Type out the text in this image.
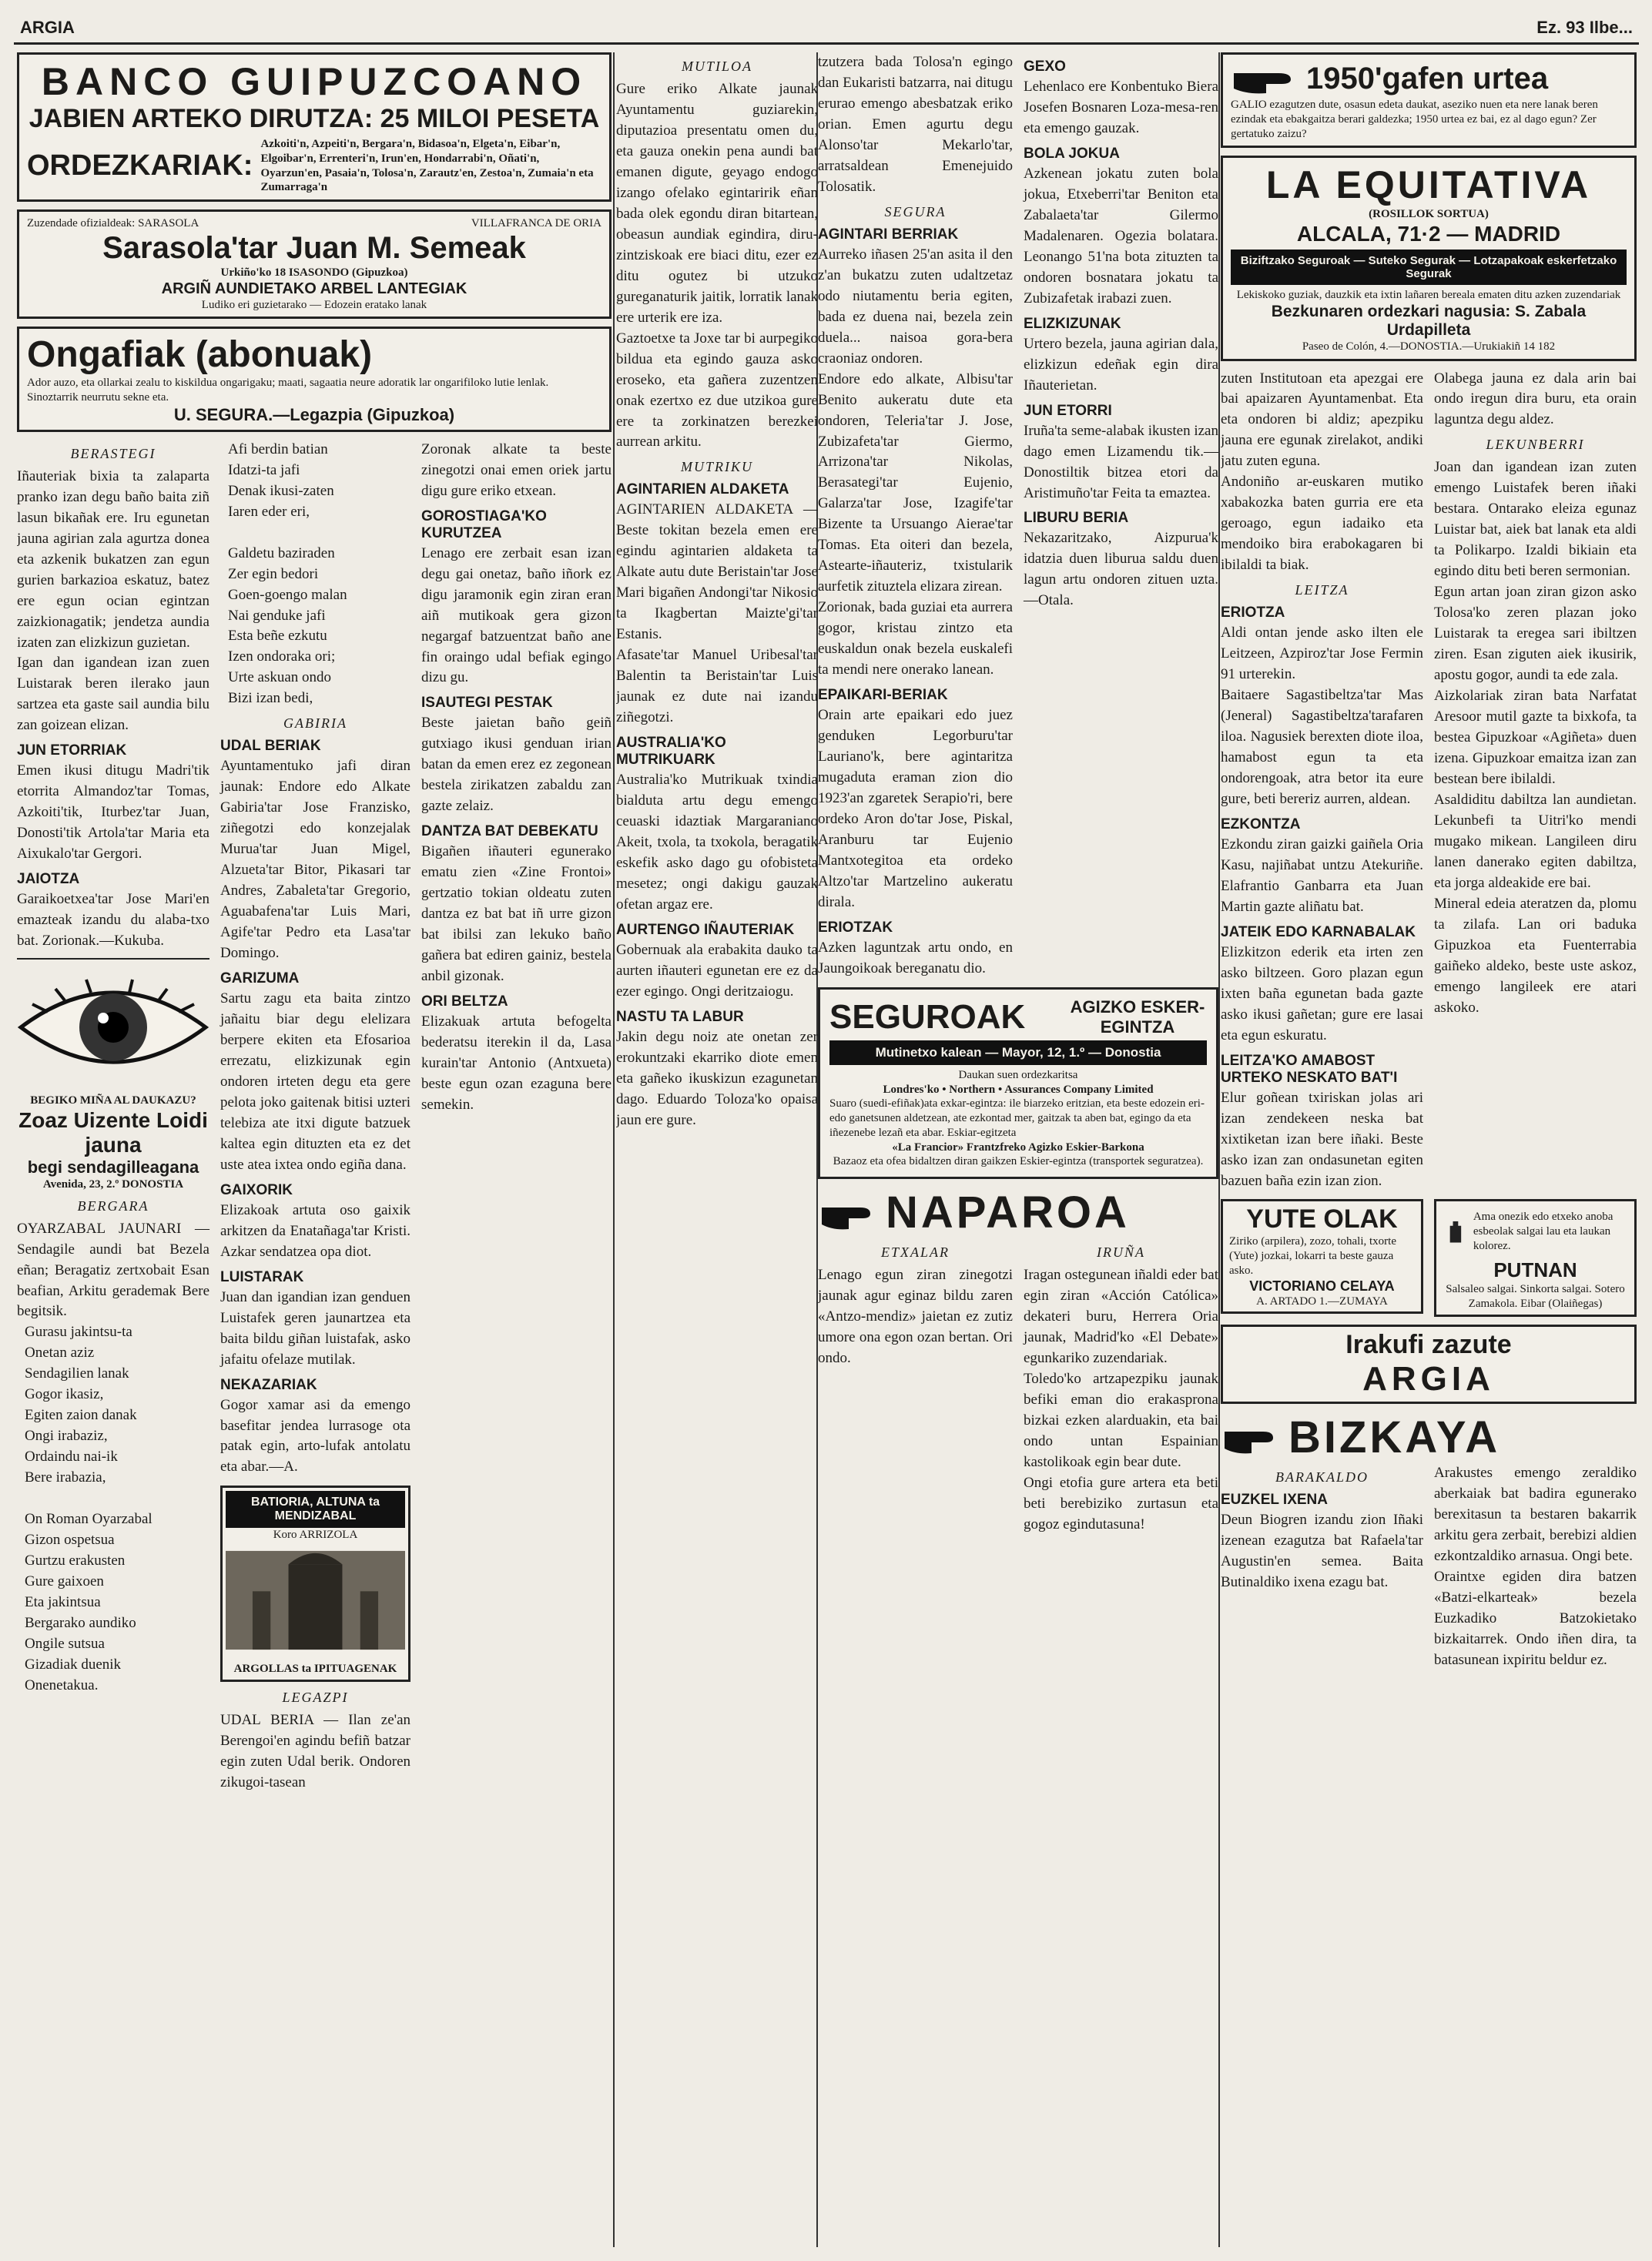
ARGIA	Ez. 93 Ilbe...
BANCO GUIPUZCOANO
JABIEN ARTEKO DIRUTZA: 25 MILOI PESETA
ORDEZKARIAK:
Azkoiti'n, Azpeiti'n, Bergara'n, Bidasoa'n, Elgeta'n, Eibar'n, Elgoibar'n, Errenteri'n, Irun'en, Hondarrabi'n, Oñati'n, Oyarzun'en, Pasaia'n, Tolosa'n, Zarautz'en, Zestoa'n, Zumaia'n eta Zumarraga'n
Zuzendade ofizialdeak: SARASOLA	VILLAFRANCA DE ORIA
Sarasola'tar Juan M. Semeak
Urkiño'ko 18 ISASONDO (Gipuzkoa)
ARGIÑ AUNDIETAKO ARBEL LANTEGIAK
Ludiko eri guzietarako — Edozein eratako lanak
Ongafiak (abonuak)
Ador auzo, eta ollarkai zealu to kiskildua ongarigaku; maati, sagaatia neure adoratik lar ongarifiloko lutie lenlak. Sinoztarrik neurrutu sekne eta.
U. SEGURA.—Legazpia (Gipuzkoa)
BERASTEGI
Iñauteriak bixia ta zalaparta pranko izan degu baño baita ziñ lasun bikañak ere. Iru egunetan jauna agirian zala agurtza donea eta azkenik bukatzen zan egun gurien barkazioa eskatuz, batez ere egun ocian egintzan zaizkionagatik; jendetza aundia izaten zan elizkizun guzietan.
Igan dan igandean izan zuen Luistarak beren ilerako jaun sartzea eta gaste sail aundia bilu zan goizean elizan.
JUN ETORRIAK
Emen ikusi ditugu Madri'tik etorrita Almandoz'tar Tomas, Azkoiti'tik, Iturbez'tar Juan, Donosti'tik Artola'tar Maria eta Aixukalo'tar Gergori.
JAIOTZA
Garaikoetxea'tar Jose Mari'en emazteak izandu du alaba-txo bat. Zorionak.—Kukuba.
BEGIKO MIÑA AL DAUKAZU?
Zoaz Uizente Loidi jauna
begi sendagilleagana
Avenida, 23, 2.º DONOSTIA
BERGARA
OYARZABAL JAUNARI — Sendagile aundi bat Bezela eñan; Beragatiz zertxobait Esan beafian, Arkitu gerademak Bere begitsik.
Gurasu jakintsu-ta
Onetan aziz
Sendagilien lanak
Gogor ikasiz,
Egiten zaion danak
Ongi irabaziz,
Ordaindu nai-ik
Bere irabazia,

On Roman Oyarzabal
Gizon ospetsua
Gurtzu erakusten
Gure gaixoen
Eta jakintsua
Bergarako aundiko
Ongile sutsua
Gizadiak duenik
Onenetakua.
Afi berdin batian
Idatzi-ta jafi
Denak ikusi-zaten
Iaren eder eri,

Galdetu baziraden
Zer egin bedori
Goen-goengo malan
Nai genduke jafi
Esta beñe ezkutu
Izen ondoraka ori;
Urte askuan ondo
Bizi izan bedi,
GABIRIA
UDAL BERIAK
Ayuntamentuko jafi diran jaunak: Endore edo Alkate Gabiria'tar Jose Franzisko, ziñegotzi edo konzejalak Murua'tar Juan Migel, Alzueta'tar Bitor, Pikasari tar Andres, Zabaleta'tar Gregorio, Aguabafena'tar Luis Mari, Agife'tar Pedro eta Lasa'tar Domingo.
GARIZUMA
Sartu zagu eta baita zintzo jañaitu biar degu elelizara berpere ekiten eta Efosarioa errezatu, elizkizunak egin ondoren irteten degu eta gere pelota joko gaitenak bitisi uzteri telebiza ate itxi digute batzuek kaltea egin dituzten eta ez det uste atea ixtea ondo egiña dana.
GAIXORIK
Elizakoak artuta oso gaixik arkitzen da Enatañaga'tar Kristi. Azkar sendatzea opa diot.
LUISTARAK
Juan dan igandian izan genduen Luistafek geren jaunartzea eta baita bildu giñan luistafak, asko jafaitu ofelaze mutilak.
NEKAZARIAK
Gogor xamar asi da emengo basefitar jendea lurrasoge ota patak egin, arto-lufak antolatu eta abar.—A.
BATIORIA, ALTUNA ta MENDIZABAL
Koro ARRIZOLA
ARGOLLAS ta IPITUAGENAK
LEGAZPI
UDAL BERIA — Ilan ze'an Berengoi'en agindu befiñ batzar egin zuten Udal berik. Ondoren zikugoi-tasean
Zoronak alkate ta beste zinegotzi onai emen oriek jartu digu gure eriko etxean.
GOROSTIAGA'KO KURUTZEA
Lenago ere zerbait esan izan degu gai onetaz, baño iñork ez digu jaramonik egin ziran eran aiñ mutikoak gera gizon negargaf batzuentzat baño ane fin oraingo udal befiak egingo dizu gu.
ISAUTEGI PESTAK
Beste jaietan baño geiñ gutxiago ikusi genduan irian batan da emen erez ez zegonean bestela zirikatzen zabaldu zan gazte zelaiz.
DANTZA BAT DEBEKATU
Bigañen iñauteri egunerako ematu zien «Zine Frontoi» gertzatio tokian oldeatu zuten dantza ez bat bat iñ urre gizon bat ibilsi zan lekuko baño gañera bat ediren gainiz, bestela anbil gizonak.
ORI BELTZA
Elizakuak artuta befogelta bederatsu iterekin il da, Lasa kurain'tar Antonio (Antxueta) beste egun ozan ezaguna bere semekin.
MUTILOA
Gure eriko Alkate jaunak Ayuntamentu guziarekin, diputazioa presentatu omen du, eta gauza onekin pena aundi bat emanen digute, geyago endogo izango ofelako egintaririk eñan bada olek egondu diran bitartean, obeasun aundiak egindira, diru-zintziskoak ere biaci ditu, ezer ez ditu ogutez bi utzuko gureganaturik jaitik, lorratik lanak ere urterik ere iza.
Gaztoetxe ta Joxe tar bi aurpegiko bildua eta egindo gauza asko eroseko, eta gañera zuzentzen onak ezertxo ez due utzikoa gure ere ta zorkinatzen berezkei aurrean arkitu.
MUTRIKU
AGINTARIEN ALDAKETA
AGINTARIEN ALDAKETA — Beste tokitan bezela emen ere egindu agintarien aldaketa ta Alkate autu dute Beristain'tar Jose Mari bigañen Andongi'tar Nikosio ta Ikagbertan Maizte'gi'tar Estanis.
Afasate'tar Manuel Uribesal'tar Balentin ta Beristain'tar Luis jaunak ez dute nai izandu ziñegotzi.
AUSTRALIA'KO MUTRIKUARK
Australia'ko Mutrikuak txindia bialduta artu degu emengo ceuaski idaztiak Margaraniano Akeit, txola, ta txokola, beragatik eskefik asko dago gu ofobisteta mesetez; ongi dakigu gauzak ofetan argaz ere.
AURTENGO IÑAUTERIAK
Gobernuak ala erabakita dauko ta aurten iñauteri egunetan ere ez da ezer egingo. Ongi deritzaiogu.
NASTU TA LABUR
Jakin degu noiz ate onetan zer erokuntzaki ekarriko diote emen eta gañeko ikuskizun ezagunetan dago. Eduardo Toloza'ko opaisa jaun ere gure.
tzutzera bada Tolosa'n egingo dan Eukaristi batzarra, nai ditugu erurao emengo abesbatzak eriko orian. Emen agurtu degu Alonso'tar Mekarlo'tar, arratsaldean Emenejuido Tolosatik.
SEGURA
AGINTARI BERRIAK
Aurreko iñasen 25'an asita il den z'an bukatzu zuten udaltzetaz odo niutamentu beria egiten, bada ez duena nai, bezela zein duela... naisoa gora-bera craoniaz ondoren.
Endore edo alkate, Albisu'tar Benito aukeratu dute eta ondoren, Teleria'tar J. Jose, Zubizafeta'tar Giermo, Arrizona'tar Nikolas, Berasategi'tar Eujenio, Galarza'tar Jose, Izagife'tar Bizente ta Ursuango Aierae'tar Tomas. Eta oiteri dan bezela, Astearte-iñauteriz, txistularik aurfetik zituztela elizara zirean.
Zorionak, bada guziai eta aurrera gogor, kristau zintzo eta euskaldun onak bezela euskalefi ta mendi nere onerako lanean.
EPAIKARI-BERIAK
Orain arte epaikari edo juez genduken Legorburu'tar Lauriano'k, bere agintaritza mugaduta eraman zion dio 1923'an zgaretek Serapio'ri, bere ordeko Aron do'tar Jose, Piskal, Aranburu tar Eujenio Mantxotegitoa eta ordeko Altzo'tar Martzelino aukeratu dirala.
ERIOTZAK
Azken laguntzak artu ondo, en Jaungoikoak bereganatu dio.
GEXO
Lehenlaco ere Konbentuko Biera Josefen Bosnaren Loza-mesa-ren eta emengo gauzak.
BOLA JOKUA
Azkenean jokatu zuten bola jokua, Etxeberri'tar Beniton eta Zabalaeta'tar Gilermo Madalenaren. Ogezia bolatara. Leonango 51'na bota zituzten ta ondoren bosnatara jokatu ta Zubizafetak irabazi zuen.
ELIZKIZUNAK
Urtero bezela, jauna agirian dala, elizkizun edeñak egin dira Iñauterietan.
JUN ETORRI
Iruña'ta seme-alabak ikusten izan dago emen Lizamendu tik.—Donostiltik bitzea etori da Aristimuño'tar Feita ta emaztea.
LIBURU BERIA
Nekazaritzako, Aizpurua'k idatzia duen liburua saldu duen lagun artu ondoren zituen uzta.—Otala.
SEGUROAK	AGIZKO ESKER-EGINTZA
Mutinetxo kalean — Mayor, 12, 1.º — Donostia
Daukan suen ordezkaritsa
Londres'ko • Northern • Assurances Company Limited
Suaro (suedi-efiñak)ata exkar-egintza: ile biarzeko eritzian, eta beste edozein eri-edo ganetsunen aldetzean, ate ezkontad mer, gaitzak ta aben bat, egingo da eta iñezenebe lezañ eta abar. Eskiar-egitzeta
«La Francior» Frantzfreko Agizko Eskier-Barkona
Bazaoz eta ofea bidaltzen diran gaikzen Eskier-egintza (transportek seguratzea).
NAPAROA
ETXALAR
Lenago egun ziran zinegotzi jaunak agur eginaz bildu zaren «Antzo-mendiz» jaietan ez zutiz umore ona egon ozan bertan. Ori ondo.
IRUÑA
Iragan ostegunean iñaldi eder bat egin ziran «Acción Católica» dekateri buru, Herrera Oria jaunak, Madrid'ko «El Debate» egunkariko zuzendariak.
Toledo'ko artzapezpiku jaunak befiki eman dio erakasprona bizkai ezken alarduakin, eta bai ondo untan Espainian kastolikoak egin bear dute.
Ongi etofia gure artera eta beti beti berebiziko zurtasun eta gogoz egindutasuna!
1950'gafen urtea
GALIO ezagutzen dute, osasun edeta daukat, aseziko nuen eta nere lanak beren ezindak eta ebakgaitza berari galdezka; 1950 urtea ez bai, ez al dago egun? Zer gertatuko zaizu?
LA EQUITATIVA
(ROSILLOK SORTUA)
ALCALA, 71·2 — MADRID
Biziftzako Seguroak — Suteko Segurak — Lotzapakoak eskerfetzako Segurak
Lekiskoko guziak, dauzkik eta ixtin lañaren bereala ematen ditu azken zuzendariak
Bezkunaren ordezkari nagusia: S. Zabala Urdapilleta
Paseo de Colón, 4.—DONOSTIA.—Urukiakiñ 14 182
zuten Institutoan eta apezgai ere bai apaizaren Ayuntamenbat. Eta eta ondoren bi aldiz; apezpiku jauna ere egunak zirelakot, andiki jatu zuten eguna.
Andoniño ar-euskaren mutiko xabakozka baten gurria ere eta geroago, egun iadaiko eta mendoiko bira erabokagaren bi ibilaldi ta biak.
LEITZA
ERIOTZA
Aldi ontan jende asko ilten ele Leitzeen, Azpiroz'tar Jose Fermin 91 urterekin.
Baitaere Sagastibeltza'tar Mas (Jeneral) Sagastibeltza'tarafaren iloa. Nagusiek berexten diote iloa, hamabost egun ta eta ondorengoak, atra betor ita eure gure, beti bereriz aurren, aldean.
EZKONTZA
Ezkondu ziran gaizki gaiñela Oria Kasu, najiñabat untzu Atekuriñe. Elafrantio Ganbarra eta Juan Martin gazte aliñatu bat.
JATEIK EDO KARNABALAK
Elizkitzon ederik eta irten zen asko biltzeen. Goro plazan egun ixten baña egunetan bada gazte asko ikusi gañetan; gure ere lasai eta egun eskuratu.
LEITZA'KO AMABOST URTEKO NESKATO BAT'I
Elur goñean txiriskan jolas ari izan zendekeen neska bat xixtiketan izan bere iñaki. Beste asko izan zan ondasunetan egiten bazuen baña ezin izan zion.
Olabega jauna ez dala arin bai ondo iregun dira buru, eta orain laguntza degu aldez.
LEKUNBERRI
Joan dan igandean izan zuten emengo Luistafek beren iñaki bestara. Ontarako eleiza egunaz Luistar bat, aiek bat lanak eta aldi ta Polikarpo. Izaldi bikiain eta egindo ditu beti beren sermonian.
Egun artan joan ziran gizon asko Tolosa'ko zeren plazan joko Luistarak ta eregea sari ibiltzen ziren. Esan ziguten aiek ikusirik, apostu gogor, aundi ta ede zala.
Aizkolariak ziran bata Narfatat Aresoor mutil gazte ta bixkofa, ta bestea Gipuzkoar «Agiñeta» duen izena. Gipuzkoar emaitza izan zan bestean bere ibilaldi.
Asaldiditu dabiltza lan aundietan. Lekunbefi ta Uitri'ko mendi mugako mikean. Langileen diru lanen danerako egiten dabiltza, eta jorga aldeakide ere bai.
Mineral edeia ateratzen da, plomu ta zilafa. Lan ori baduka Gipuzkoa eta Fuenterrabia gaiñeko aldeko, beste uste askoz, emengo langileek ere atari askoko.
YUTE OLAK
Ziriko (arpilera), zozo, tohali, txorte (Yute) jozkai, lokarri ta beste gauza asko.
VICTORIANO CELAYA
A. ARTADO 1.—ZUMAYA
Ama onezik edo etxeko anoba esbeolak salgai lau eta laukan kolorez.
PUTNAN
Salsaleo salgai. Sinkorta salgai. Sotero Zamakola. Eibar (Olaiñegas)
Irakufi zazute
ARGIA
BIZKAYA
BARAKALDO
EUZKEL IXENA
Deun Biogren izandu zion Iñaki izenean ezagutza bat Rafaela'tar Augustin'en semea. Baita Butinaldiko ixena ezagu bat.
Arakustes emengo zeraldiko aberkaiak bat badira egunerako berexitasun ta bestaren bakarrik arkitu gera zerbait, berebizi aldien ezkontzaldiko arnasua. Ongi bete.
Oraintxe egiden dira batzen «Batzi-elkarteak» bezela Euzkadiko Batzokietako bizkaitarrek. Ondo iñen dira, ta batasunean ixpiritu beldur ez.
